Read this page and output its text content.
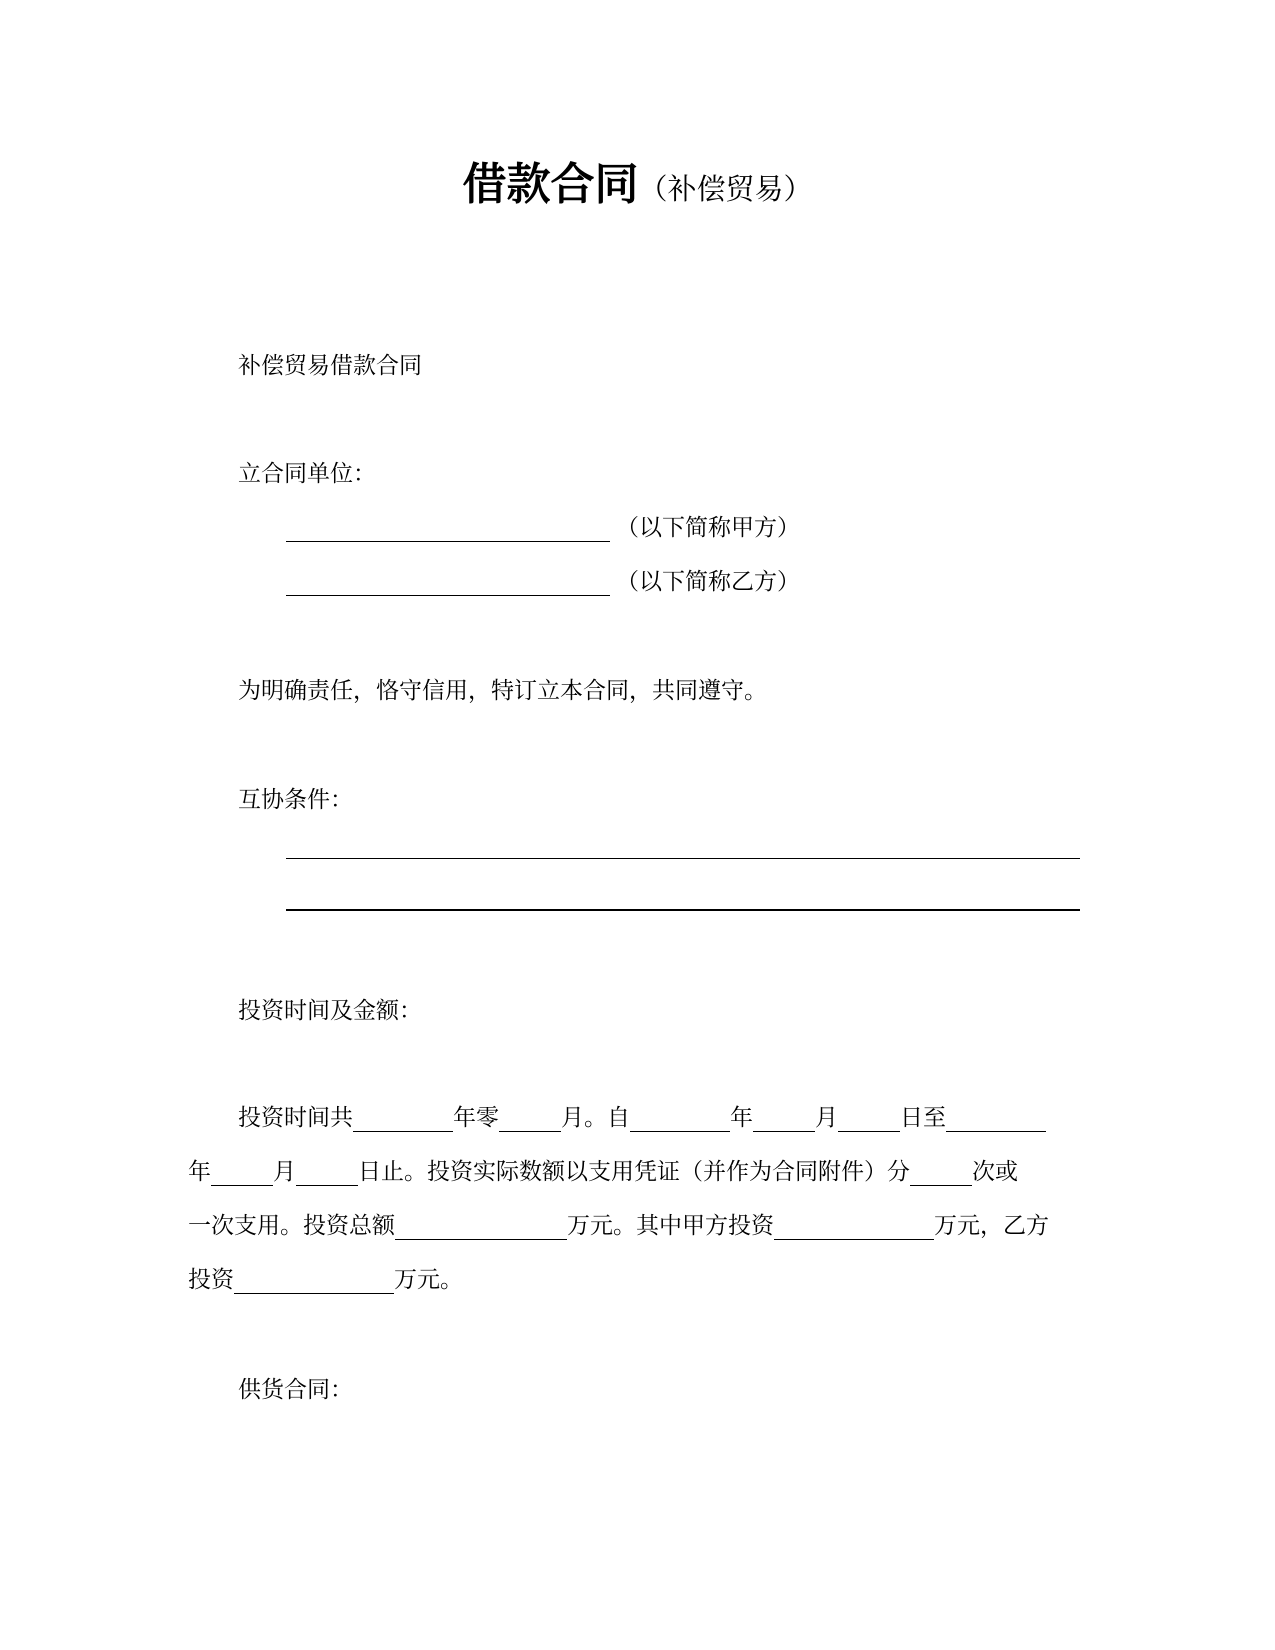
借款合同（补偿贸易）
补偿贸易借款合同
立合同单位：
（以下简称甲方）
（以下简称乙方）
为明确责任，恪守信用，特订立本合同，共同遵守。
互协条件：
投资时间及金额：
投资时间共	年零	月。自	年	月	日至
年	月	日止。投资实际数额以支用凭证（并作为合同附件）分	次或
一次支用。投资总额	万元。其中甲方投资	万元，乙方
投资	万元。
供货合同：
